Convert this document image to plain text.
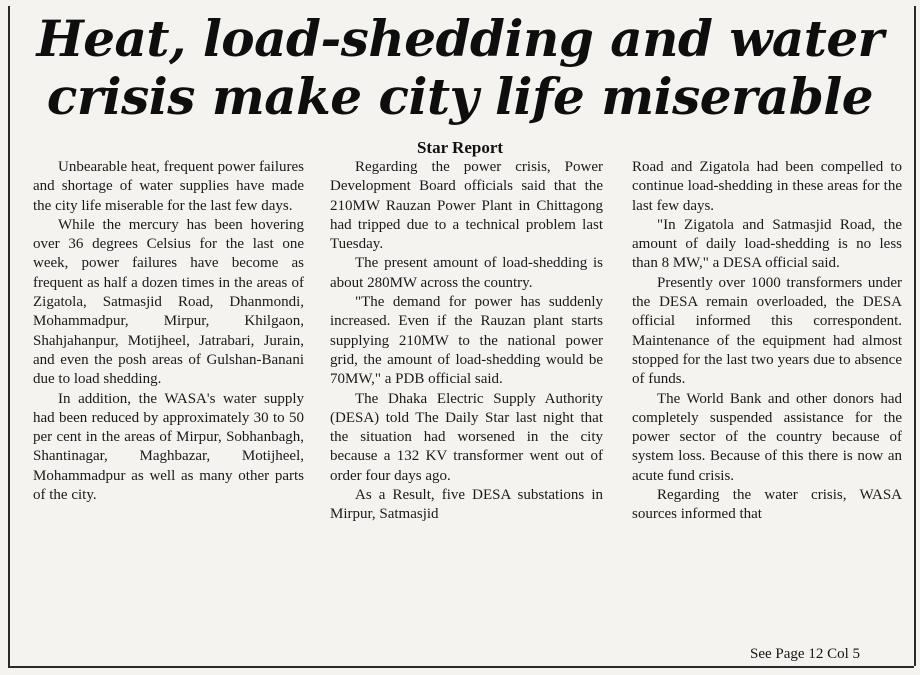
Heat, load-shedding and water
crisis make city life miserable
Star Report

Unbearable heat, frequent power failures and shortage of water supplies have made the city life miserable for the last few days.

While the mercury has been hovering over 36 degrees Celsius for the last one week, power failures have become as frequent as half a dozen times in the areas of Zigatola, Satmasjid Road, Dhanmondi, Mohammadpur, Mirpur, Khilgaon, Shahjahanpur, Motijheel, Jatrabari, Jurain, and even the posh areas of Gulshan-Banani due to load shedding.

In addition, the WASA's water supply had been reduced by approximately 30 to 50 per cent in the areas of Mirpur, Sobhanbagh, Shantinagar, Maghbazar, Motijheel, Mohammadpur as well as many other parts of the city.

Regarding the power crisis, Power Development Board officials said that the 210MW Rauzan Power Plant in Chittagong had tripped due to a technical problem last Tuesday.

The present amount of load-shedding is about 280MW across the country.

"The demand for power has suddenly increased. Even if the Rauzan plant starts supplying 210MW to the national power grid, the amount of load-shedding would be 70MW," a PDB official said.

The Dhaka Electric Supply Authority (DESA) told The Daily Star last night that the situation had worsened in the city because a 132 KV transformer went out of order four days ago.

As a Result, five DESA substations in Mirpur, Satmasjid

Road and Zigatola had been compelled to continue load-shedding in these areas for the last few days.

"In Zigatola and Satmasjid Road, the amount of daily load-shedding is no less than 8 MW," a DESA official said.

Presently over 1000 transformers under the DESA remain overloaded, the DESA official informed this correspondent. Maintenance of the equipment had almost stopped for the last two years due to absence of funds.

The World Bank and other donors had completely suspended assistance for the power sector of the country because of system loss. Because of this there is now an acute fund crisis.

Regarding the water crisis, WASA sources informed that

See Page 12 Col 5
